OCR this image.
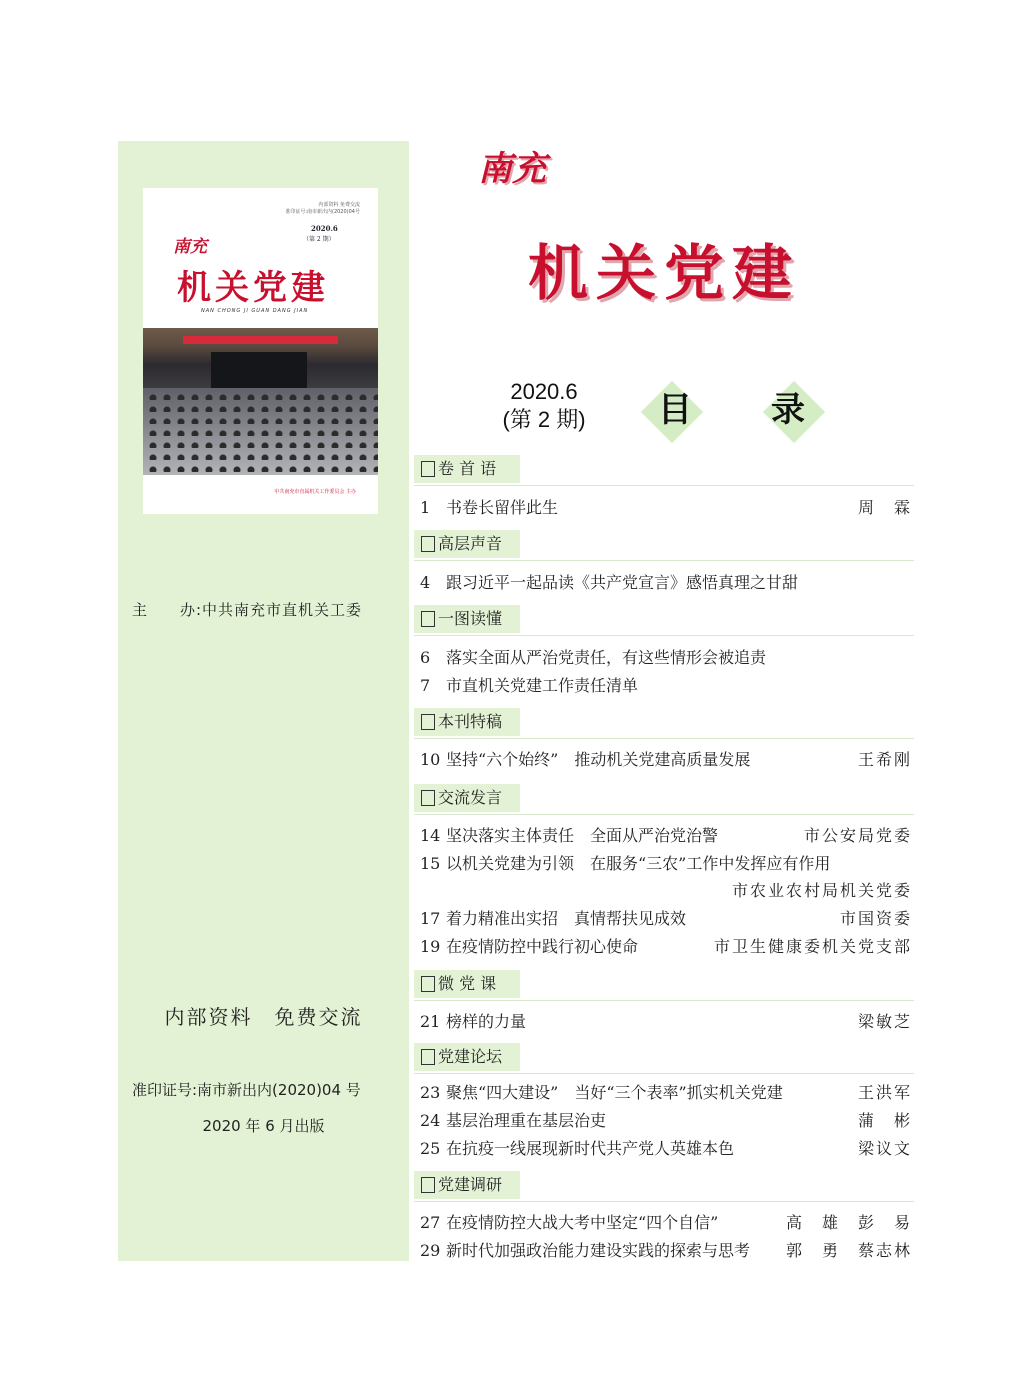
内部资料 免费交流
准印证号:南市新出内(2020)04号
2020.6
（第 2 期）
南充
机关党建
NAN CHONG JI GUAN DANG JIAN
中共南充市直属机关工作委员会 主办
主　　办:中共南充市直机关工委
内部资料　免费交流
准印证号:南市新出内(2020)04 号
2020 年 6 月出版
南充
机关党建
2020.6
(第 2 期)	目	录
卷 首 语
1 书卷长留伴此生	周　霖
高层声音
4 跟习近平一起品读《共产党宣言》感悟真理之甘甜
一图读懂
6 落实全面从严治党责任，有这些情形会被追责
7 市直机关党建工作责任清单
本刊特稿
10 坚持“六个始终”　推动机关党建高质量发展	王希刚
交流发言
14 坚决落实主体责任　全面从严治党治警	市公安局党委
15 以机关党建为引领　在服务“三农”工作中发挥应有作用
市农业农村局机关党委
17 着力精准出实招　真情帮扶见成效	市国资委
19 在疫情防控中践行初心使命	市卫生健康委机关党支部
微 党 课
21 榜样的力量	梁敏芝
党建论坛
23 聚焦“四大建设”　当好“三个表率”抓实机关党建	王洪军
24 基层治理重在基层治吏	蒲　彬
25 在抗疫一线展现新时代共产党人英雄本色	梁议文
党建调研
27 在疫情防控大战大考中坚定“四个自信”	高　雄　彭　易
29 新时代加强政治能力建设实践的探索与思考 郭　勇　蔡志林
